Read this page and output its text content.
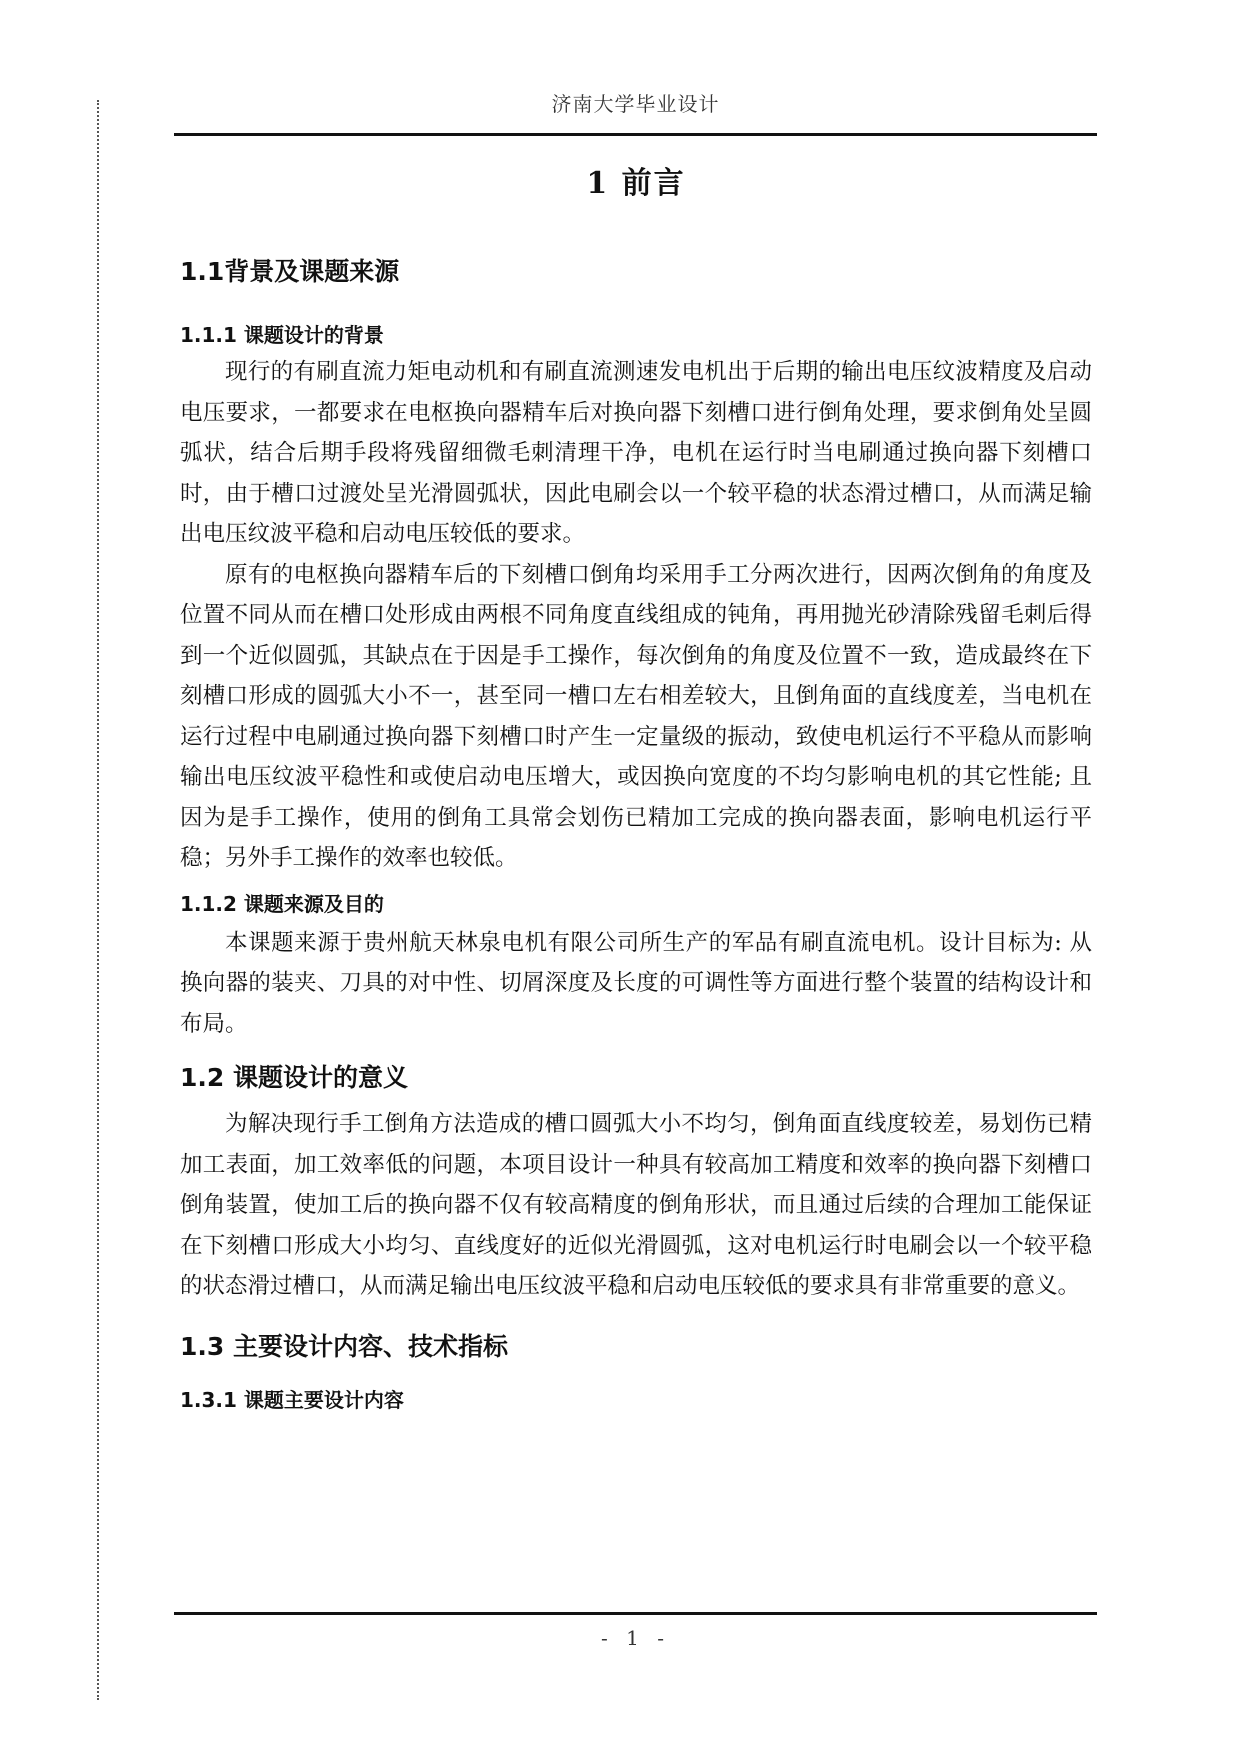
济南大学毕业设计
1 前言
1.1背景及课题来源
1.1.1 课题设计的背景

现行的有刷直流力矩电动机和有刷直流测速发电机出于后期的输出电压纹波精度及启动电压要求，一都要求在电枢换向器精车后对换向器下刻槽口进行倒角处理，要求倒角处呈圆弧状，结合后期手段将残留细微毛刺清理干净，电机在运行时当电刷通过换向器下刻槽口时，由于槽口过渡处呈光滑圆弧状，因此电刷会以一个较平稳的状态滑过槽口，从而满足输出电压纹波平稳和启动电压较低的要求。

原有的电枢换向器精车后的下刻槽口倒角均采用手工分两次进行，因两次倒角的角度及位置不同从而在槽口处形成由两根不同角度直线组成的钝角，再用抛光砂清除残留毛刺后得到一个近似圆弧，其缺点在于因是手工操作，每次倒角的角度及位置不一致，造成最终在下刻槽口形成的圆弧大小不一，甚至同一槽口左右相差较大，且倒角面的直线度差，当电机在运行过程中电刷通过换向器下刻槽口时产生一定量级的振动，致使电机运行不平稳从而影响输出电压纹波平稳性和或使启动电压增大，或因换向宽度的不均匀影响电机的其它性能; 且因为是手工操作，使用的倒角工具常会划伤已精加工完成的换向器表面，影响电机运行平稳；另外手工操作的效率也较低。

1.1.2 课题来源及目的

本课题来源于贵州航天林泉电机有限公司所生产的军品有刷直流电机。设计目标为: 从换向器的装夹、刀具的对中性、切屑深度及长度的可调性等方面进行整个装置的结构设计和布局。

1.2 课题设计的意义

为解决现行手工倒角方法造成的槽口圆弧大小不均匀，倒角面直线度较差，易划伤已精加工表面，加工效率低的问题，本项目设计一种具有较高加工精度和效率的换向器下刻槽口倒角装置，使加工后的换向器不仅有较高精度的倒角形状，而且通过后续的合理加工能保证在下刻槽口形成大小均匀、直线度好的近似光滑圆弧，这对电机运行时电刷会以一个较平稳的状态滑过槽口，从而满足输出电压纹波平稳和启动电压较低的要求具有非常重要的意义。

1.3 主要设计内容、技术指标
1.3.1 课题主要设计内容
- 1 -
